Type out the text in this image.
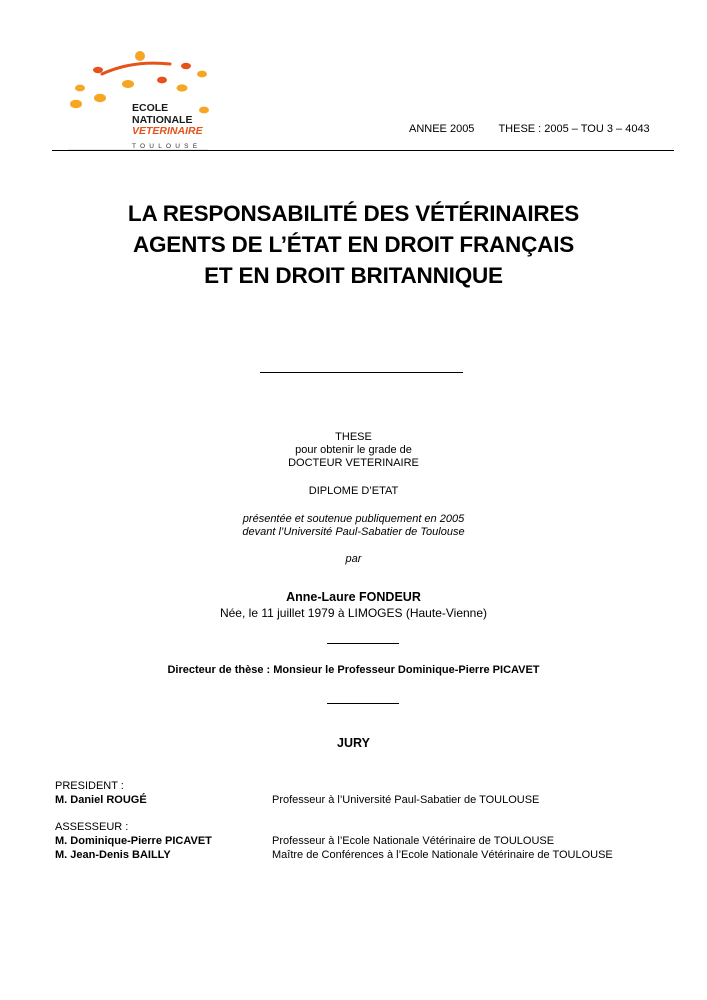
ECOLE
NATIONALE
VETERINAIRE
TOULOUSE
ANNEE 2005 THESE : 2005 – TOU 3 – 4043
LA RESPONSABILITÉ DES VÉTÉRINAIRES
AGENTS DE L’ÉTAT EN DROIT FRANÇAIS
ET EN DROIT BRITANNIQUE
THESE
pour obtenir le grade de
DOCTEUR VETERINAIRE
DIPLOME D’ETAT
présentée et soutenue publiquement en 2005
devant l’Université Paul-Sabatier de Toulouse
par
Anne-Laure FONDEUR
Née, le 11 juillet 1979 à LIMOGES (Haute-Vienne)
Directeur de thèse : Monsieur le Professeur Dominique-Pierre PICAVET
JURY
PRESIDENT :
M. Daniel ROUGÉ	Professeur à l’Université Paul-Sabatier de TOULOUSE
ASSESSEUR :
M. Dominique-Pierre PICAVET	Professeur à l’Ecole Nationale Vétérinaire de TOULOUSE
M. Jean-Denis BAILLY	Maître de Conférences à l’Ecole Nationale Vétérinaire de TOULOUSE
